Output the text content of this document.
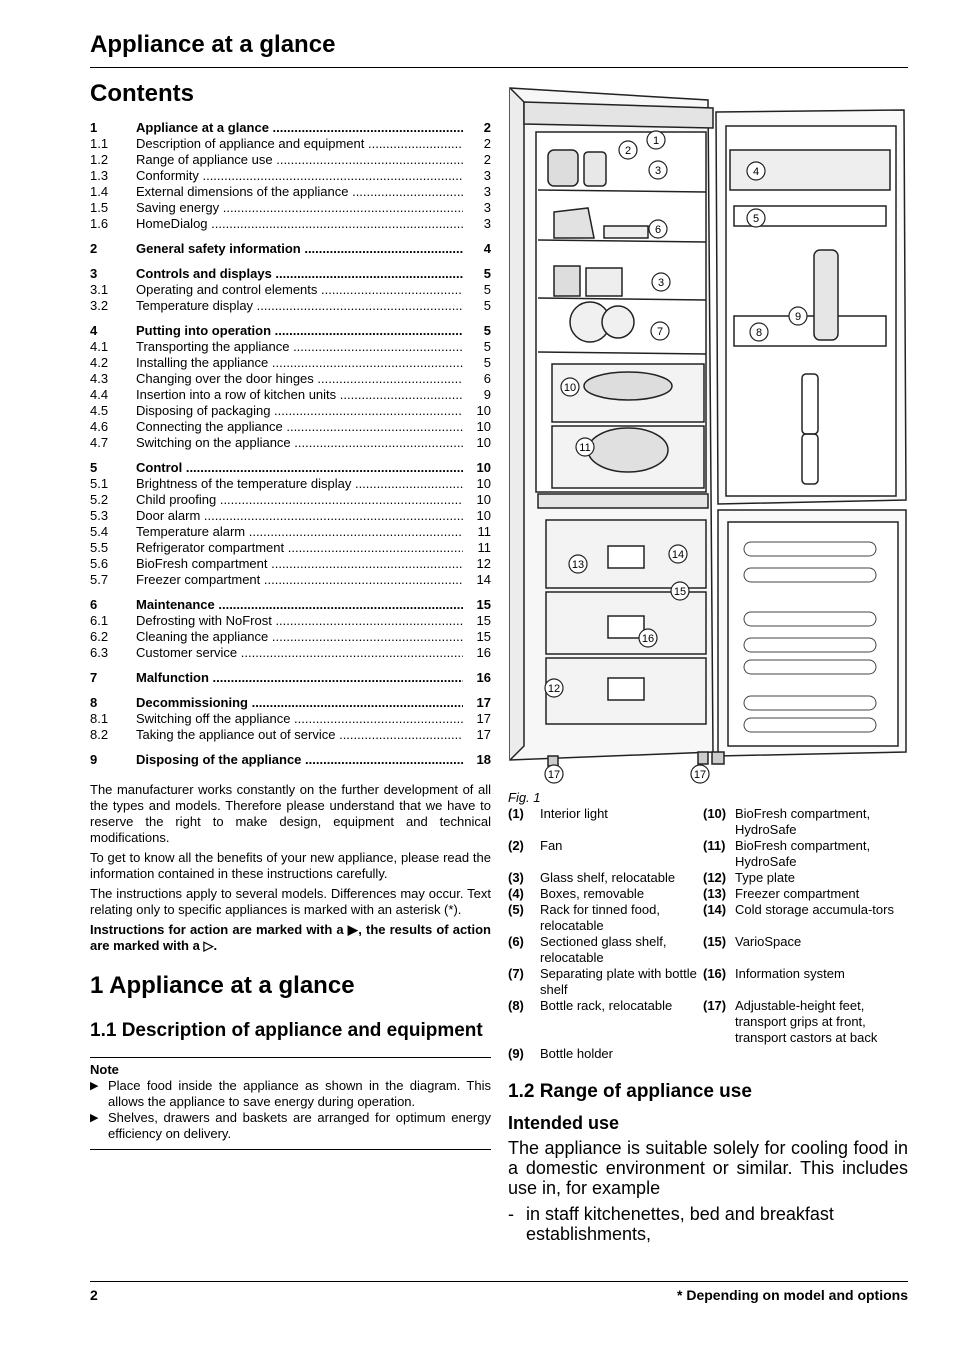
Appliance at a glance
Contents
1	Appliance at a glance .....	2
1.1	Description of appliance and equipment .....	2
1.2	Range of appliance use .....	2
1.3	Conformity .....	3
1.4	External dimensions of the appliance .....	3
1.5	Saving energy .....	3
1.6	HomeDialog .....	3
2	General safety information .....	4
3	Controls and displays .....	5
3.1	Operating and control elements .....	5
3.2	Temperature display .....	5
4	Putting into operation .....	5
4.1	Transporting the appliance .....	5
4.2	Installing the appliance .....	5
4.3	Changing over the door hinges .....	6
4.4	Insertion into a row of kitchen units .....	9
4.5	Disposing of packaging .....	10
4.6	Connecting the appliance .....	10
4.7	Switching on the appliance .....	10
5	Control .....	10
5.1	Brightness of the temperature display .....	10
5.2	Child proofing .....	10
5.3	Door alarm .....	10
5.4	Temperature alarm .....	11
5.5	Refrigerator compartment .....	11
5.6	BioFresh compartment .....	12
5.7	Freezer compartment .....	14
6	Maintenance .....	15
6.1	Defrosting with NoFrost .....	15
6.2	Cleaning the appliance .....	15
6.3	Customer service .....	16
7	Malfunction .....	16
8	Decommissioning .....	17
8.1	Switching off the appliance .....	17
8.2	Taking the appliance out of service .....	17
9	Disposing of the appliance .....	18

The manufacturer works constantly on the further development of all the types and models. Therefore please understand that we have to reserve the right to make design, equipment and technical modifications.

To get to know all the benefits of your new appliance, please read the information contained in these instructions carefully.

The instructions apply to several models. Differences may occur. Text relating only to specific appliances is marked with an asterisk (*).

Instructions for action are marked with a ▶, the results of action are marked with a ▷.

1 Appliance at a glance
1.1 Description of appliance and equipment
Note
▶ Place food inside the appliance as shown in the diagram. This allows the appliance to save energy during operation.
▶ Shelves, drawers and baskets are arranged for optimum energy efficiency on delivery.
1
2
3	4
5
6
3
7	8
9
10
11
12
13
14
15
16
17	17
Fig. 1
(1)	Interior light	(10) BioFresh compartment, HydroSafe
(2)	Fan	(11) BioFresh compartment, HydroSafe
(3)	Glass shelf, relocatable (12) Type plate
(4)	Boxes, removable	(13) Freezer compartment
(5)	Rack for tinned food, relocatable
(14) Cold storage accumula-tors
(6)	Sectioned glass shelf, relocatable
(15) VarioSpace
(7)	Separating plate with bottle shelf
(16) Information system
(8)	Bottle rack, relocatable (17) Adjustable-height feet, transport grips at front, transport castors at back
(9)	Bottle holder
1.2 Range of appliance use
Intended use

The appliance is suitable solely for cooling food in a domestic environment or similar. This includes use in, for example

- in staff kitchenettes, bed and breakfast establishments,
2	* Depending on model and options
